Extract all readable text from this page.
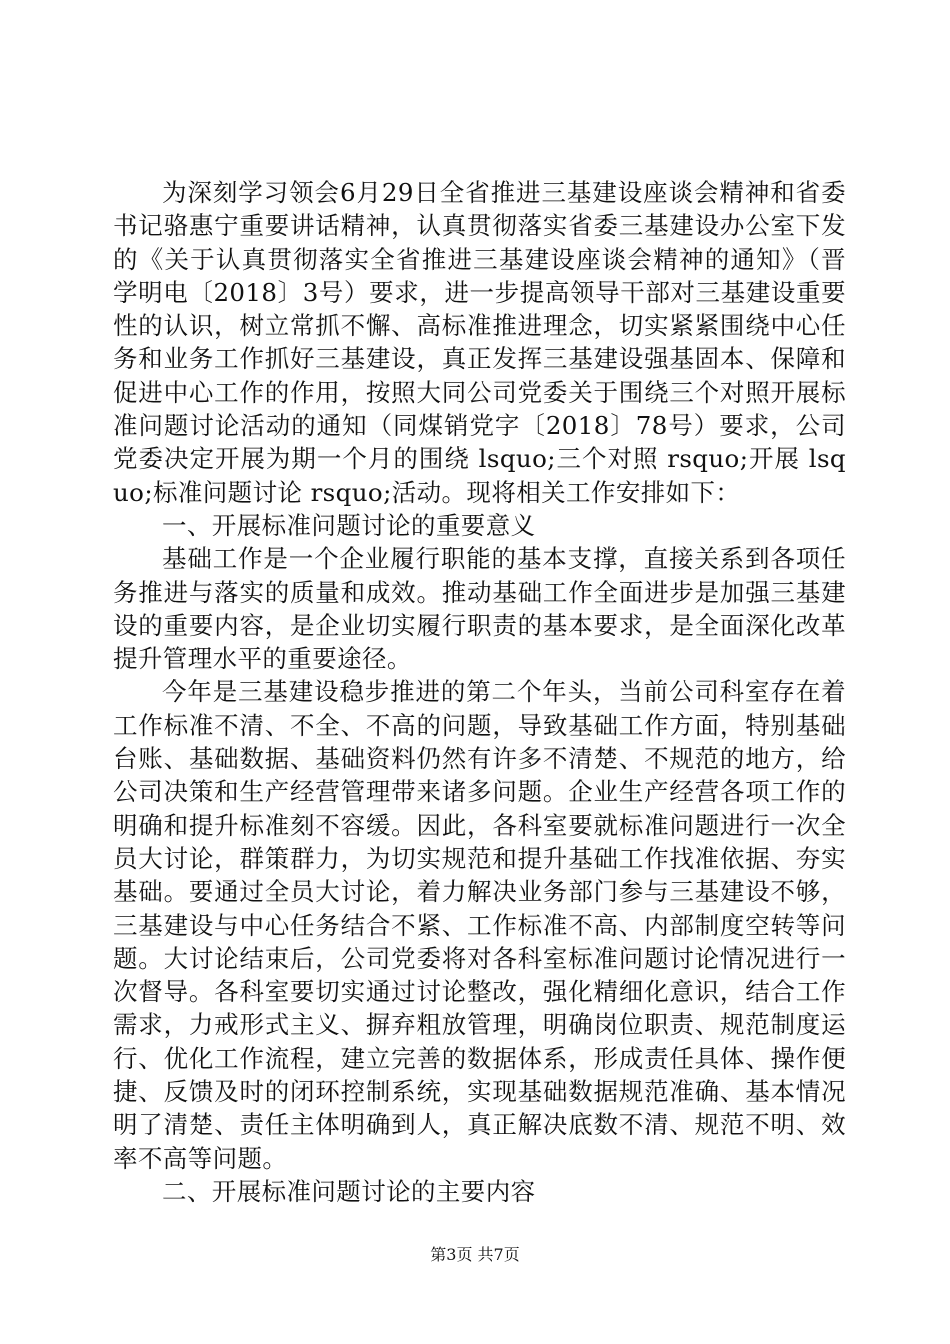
为深刻学习领会6月29日全省推进三基建设座谈会精神和省委书记骆惠宁重要讲话精神，认真贯彻落实省委三基建设办公室下发的《关于认真贯彻落实全省推进三基建设座谈会精神的通知》（晋学明电〔2018〕3号）要求，进一步提高领导干部对三基建设重要性的认识，树立常抓不懈、高标准推进理念，切实紧紧围绕中心任务和业务工作抓好三基建设，真正发挥三基建设强基固本、保障和促进中心工作的作用，按照大同公司党委关于围绕三个对照开展标准问题讨论活动的通知（同煤销党字〔2018〕78号）要求，公司党委决定开展为期一个月的围绕 lsquo;三个对照 rsquo;开展 lsquo;标准问题讨论 rsquo;活动。现将相关工作安排如下：

一、开展标准问题讨论的重要意义

基础工作是一个企业履行职能的基本支撑，直接关系到各项任务推进与落实的质量和成效。推动基础工作全面进步是加强三基建设的重要内容，是企业切实履行职责的基本要求，是全面深化改革提升管理水平的重要途径。

今年是三基建设稳步推进的第二个年头，当前公司科室存在着工作标准不清、不全、不高的问题，导致基础工作方面，特别基础台账、基础数据、基础资料仍然有许多不清楚、不规范的地方，给公司决策和生产经营管理带来诸多问题。企业生产经营各项工作的明确和提升标准刻不容缓。因此，各科室要就标准问题进行一次全员大讨论，群策群力，为切实规范和提升基础工作找准依据、夯实基础。要通过全员大讨论，着力解决业务部门参与三基建设不够，三基建设与中心任务结合不紧、工作标准不高、内部制度空转等问题。大讨论结束后，公司党委将对各科室标准问题讨论情况进行一次督导。各科室要切实通过讨论整改，强化精细化意识，结合工作需求，力戒形式主义、摒弃粗放管理，明确岗位职责、规范制度运行、优化工作流程，建立完善的数据体系，形成责任具体、操作便捷、反馈及时的闭环控制系统，实现基础数据规范准确、基本情况明了清楚、责任主体明确到人，真正解决底数不清、规范不明、效率不高等问题。

二、开展标准问题讨论的主要内容

第3页 共7页
